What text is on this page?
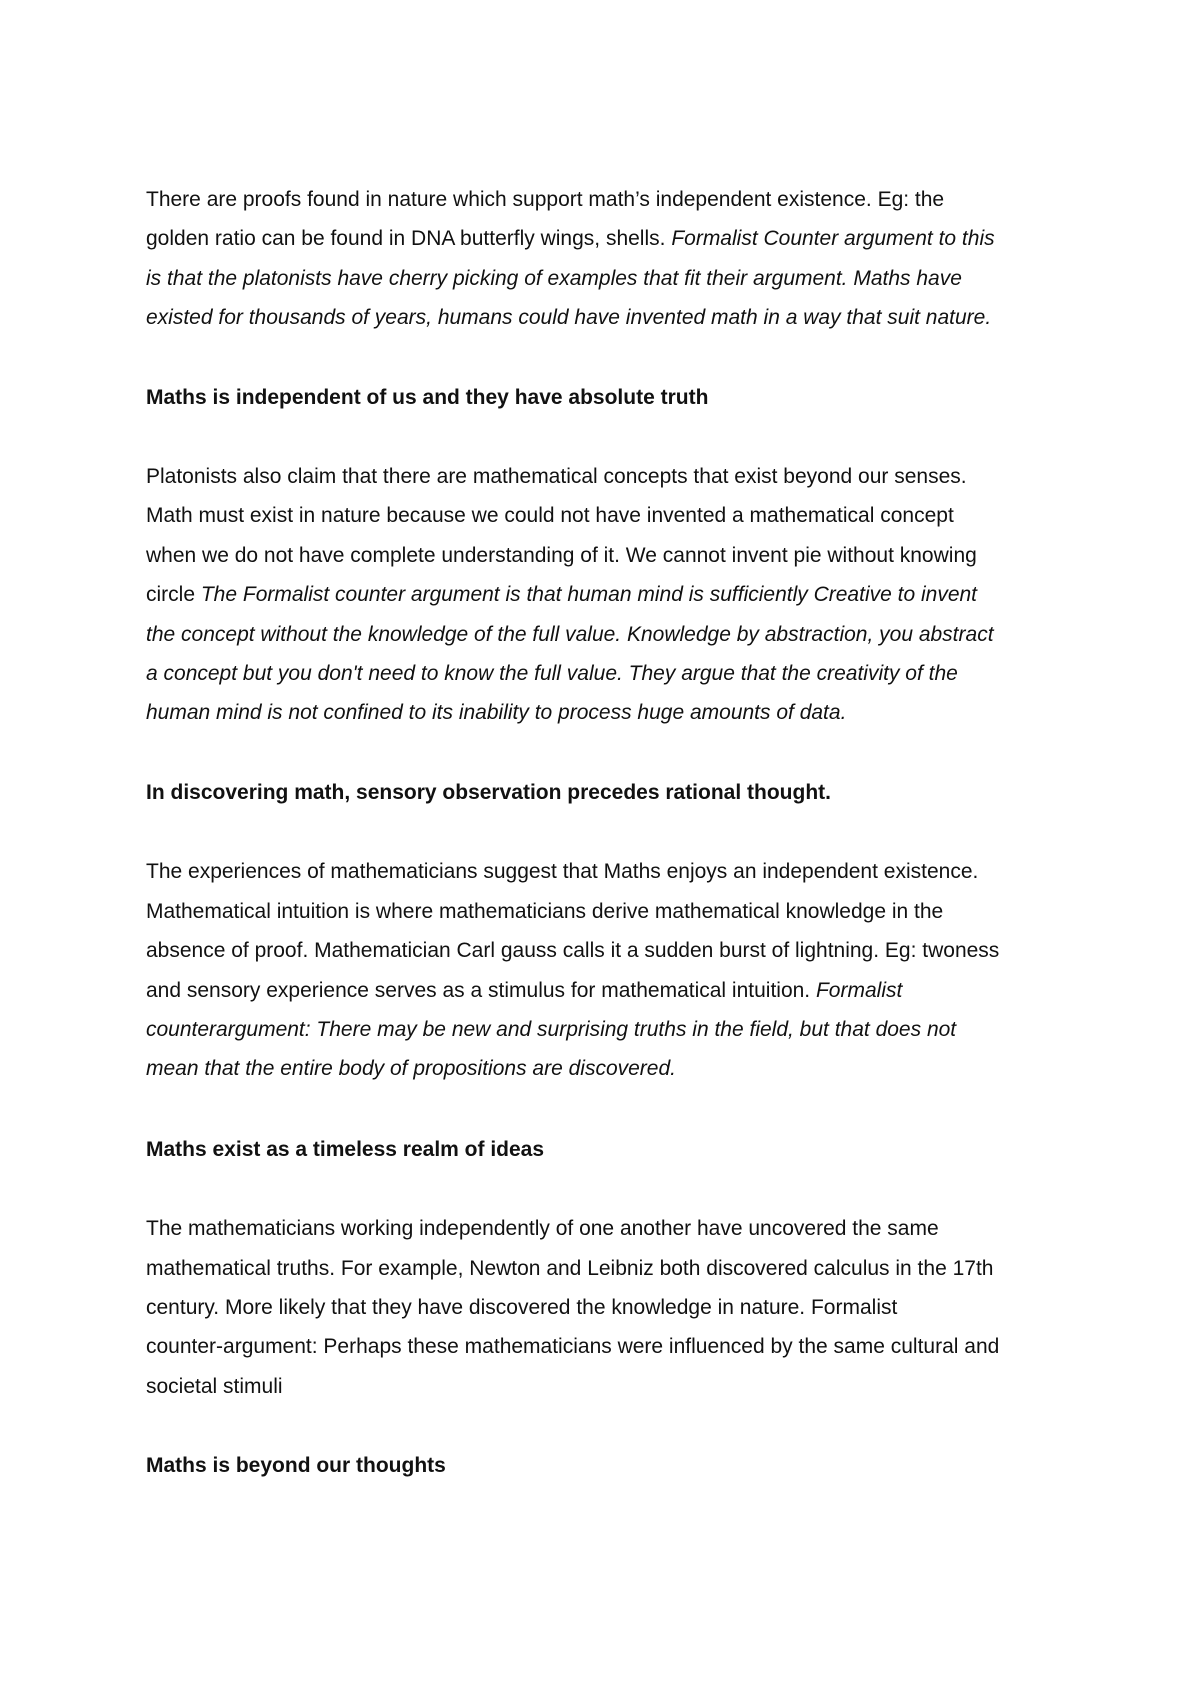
There are proofs found in nature which support math’s independent existence. Eg: the
golden ratio can be found in DNA butterfly wings, shells. Formalist Counter argument to this
is that the platonists have cherry picking of examples that fit their argument. Maths have
existed for thousands of years, humans could have invented math in a way that suit nature.

Maths is independent of us and they have absolute truth

Platonists also claim that there are mathematical concepts that exist beyond our senses.
Math must exist in nature because we could not have invented a mathematical concept
when we do not have complete understanding of it. We cannot invent pie without knowing
circle The Formalist counter argument is that human mind is sufficiently Creative to invent
the concept without the knowledge of the full value. Knowledge by abstraction, you abstract
a concept but you don't need to know the full value. They argue that the creativity of the
human mind is not confined to its inability to process huge amounts of data.

In discovering math, sensory observation precedes rational thought.

The experiences of mathematicians suggest that Maths enjoys an independent existence.
Mathematical intuition is where mathematicians derive mathematical knowledge in the
absence of proof. Mathematician Carl gauss calls it a sudden burst of lightning. Eg: twoness
and sensory experience serves as a stimulus for mathematical intuition. Formalist
counterargument: There may be new and surprising truths in the field, but that does not
mean that the entire body of propositions are discovered.

Maths exist as a timeless realm of ideas

The mathematicians working independently of one another have uncovered the same
mathematical truths. For example, Newton and Leibniz both discovered calculus in the 17th
century. More likely that they have discovered the knowledge in nature. Formalist
counter-argument: Perhaps these mathematicians were influenced by the same cultural and
societal stimuli

Maths is beyond our thoughts
